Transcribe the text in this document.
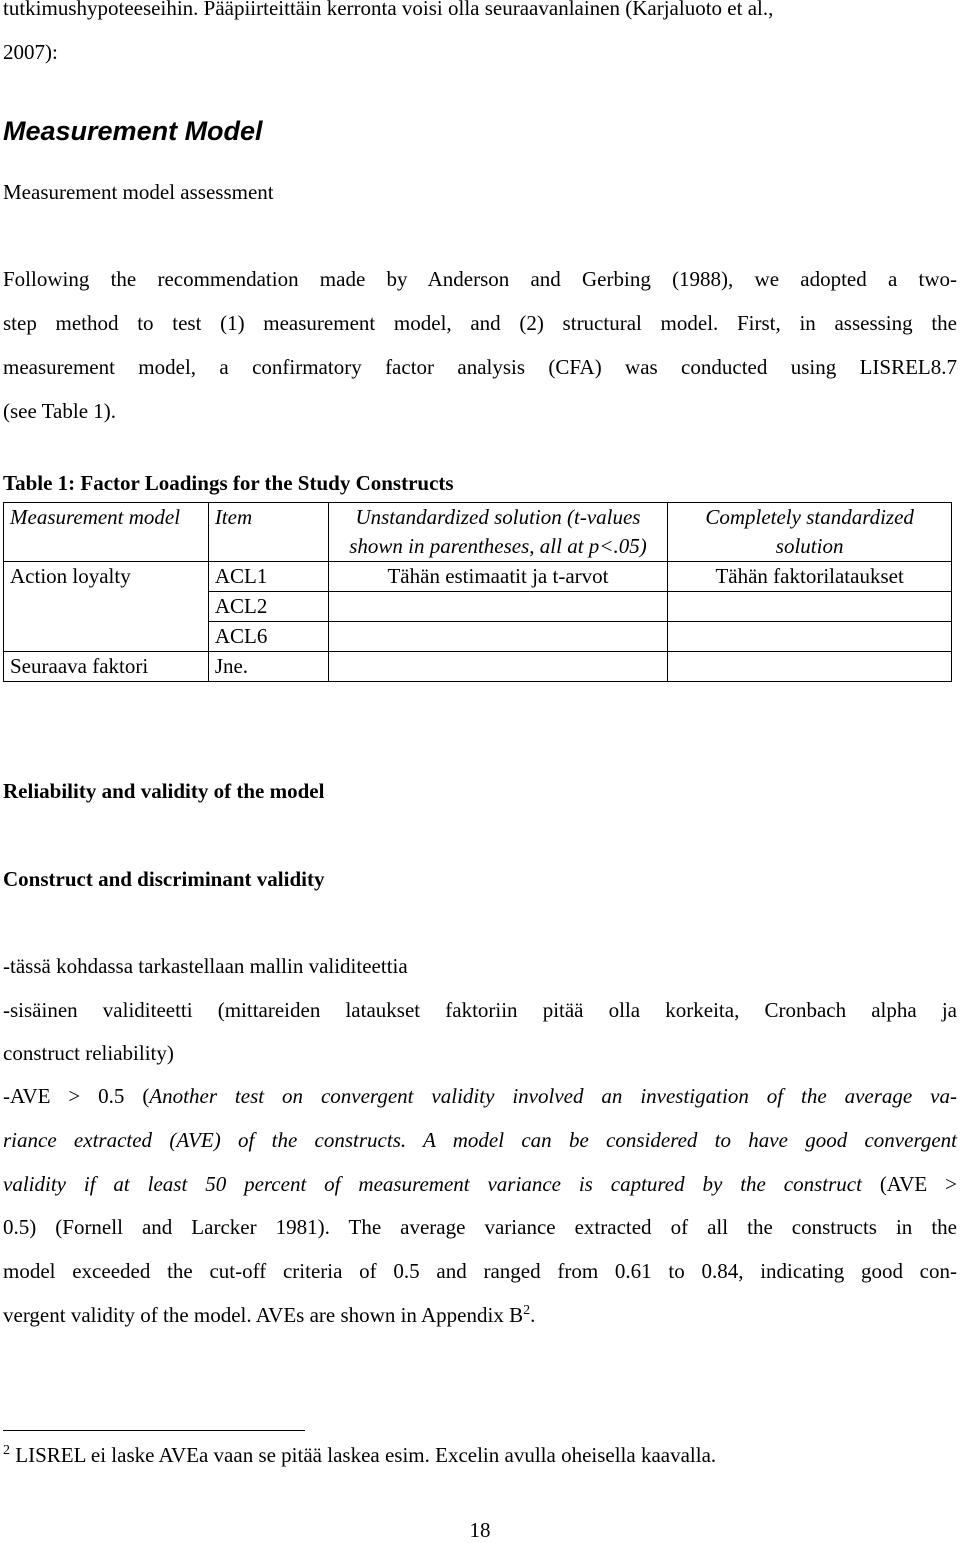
tutkimushypoteeseihin. Pääpiirteittäin kerronta voisi olla seuraavanlainen (Karjaluoto et al.,
2007):
Measurement Model
Measurement model assessment
Following the recommendation made by Anderson and Gerbing (1988), we adopted a two-
step method to test (1) measurement model, and (2) structural model. First, in assessing the
measurement model, a confirmatory factor analysis (CFA) was conducted using LISREL8.7
(see Table 1).
Table 1: Factor Loadings for the Study Constructs
Measurement model	Item	Unstandardized solution (t-values shown in parentheses, all at p<.05)	Completely standardized solution
Action loyalty	ACL1	Tähän estimaatit ja t-arvot	Tähän faktorilataukset
	ACL2		
	ACL6		
Seuraava faktori	Jne.		
Reliability and validity of the model
Construct and discriminant validity
-tässä kohdassa tarkastellaan mallin validiteettia
-sisäinen validiteetti (mittareiden lataukset faktoriin pitää olla korkeita, Cronbach alpha ja
construct reliability)
-AVE > 0.5 (Another test on convergent validity involved an investigation of the average va-
riance extracted (AVE) of the constructs. A model can be considered to have good convergent
validity if at least 50 percent of measurement variance is captured by the construct (AVE >
0.5) (Fornell and Larcker 1981). The average variance extracted of all the constructs in the
model exceeded the cut-off criteria of 0.5 and ranged from 0.61 to 0.84, indicating good con-
vergent validity of the model. AVEs are shown in Appendix $B^2$.
$^2$ LISREL ei laske AVEa vaan se pitää laskea esim. Excelin avulla oheisella kaavalla.
18
